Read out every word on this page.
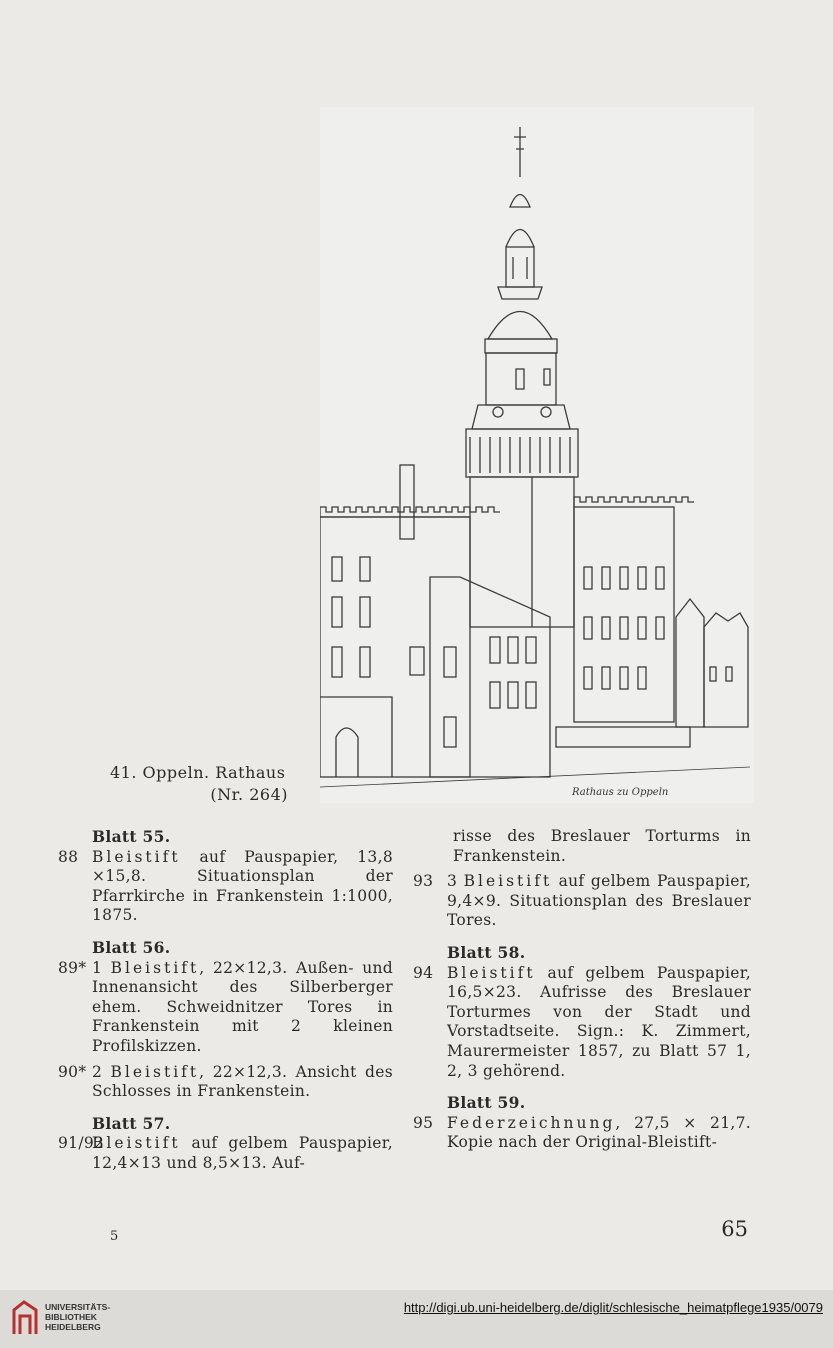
Rathaus zu Oppeln
41. Oppeln. Rathaus
(Nr. 264)
Blatt 55.
88 Bleistift auf Pauspapier, 13,8 ×15,8. Situationsplan der Pfarrkirche in Frankenstein 1:1000, 1875.
Blatt 56.
89* 1 Bleistift, 22×12,3. Außen- und Innenansicht des Silberberger ehem. Schweidnitzer Tores in Frankenstein mit 2 kleinen Profilskizzen.
90* 2 Bleistift, 22×12,3. Ansicht des Schlosses in Frankenstein.
Blatt 57.
91/92
Bleistift auf gelbem Pauspapier, 12,4×13 und 8,5×13. Auf-
risse des Breslauer Torturms in Frankenstein.
93 3 Bleistift auf gelbem Pauspapier, 9,4×9. Situationsplan des Breslauer Tores.
Blatt 58.
94 Bleistift auf gelbem Pauspapier, 16,5×23. Aufrisse des Breslauer Torturmes von der Stadt und Vorstadtseite. Sign.: K. Zimmert, Maurermeister 1857, zu Blatt 57 1, 2, 3 gehörend.
Blatt 59.
95 Federzeichnung, 27,5 × 21,7. Kopie nach der Original-Bleistift-
5	65
UNIVERSITÄTS-
BIBLIOTHEK
HEIDELBERG
http://digi.ub.uni-heidelberg.de/diglit/schlesische_heimatpflege1935/0079
